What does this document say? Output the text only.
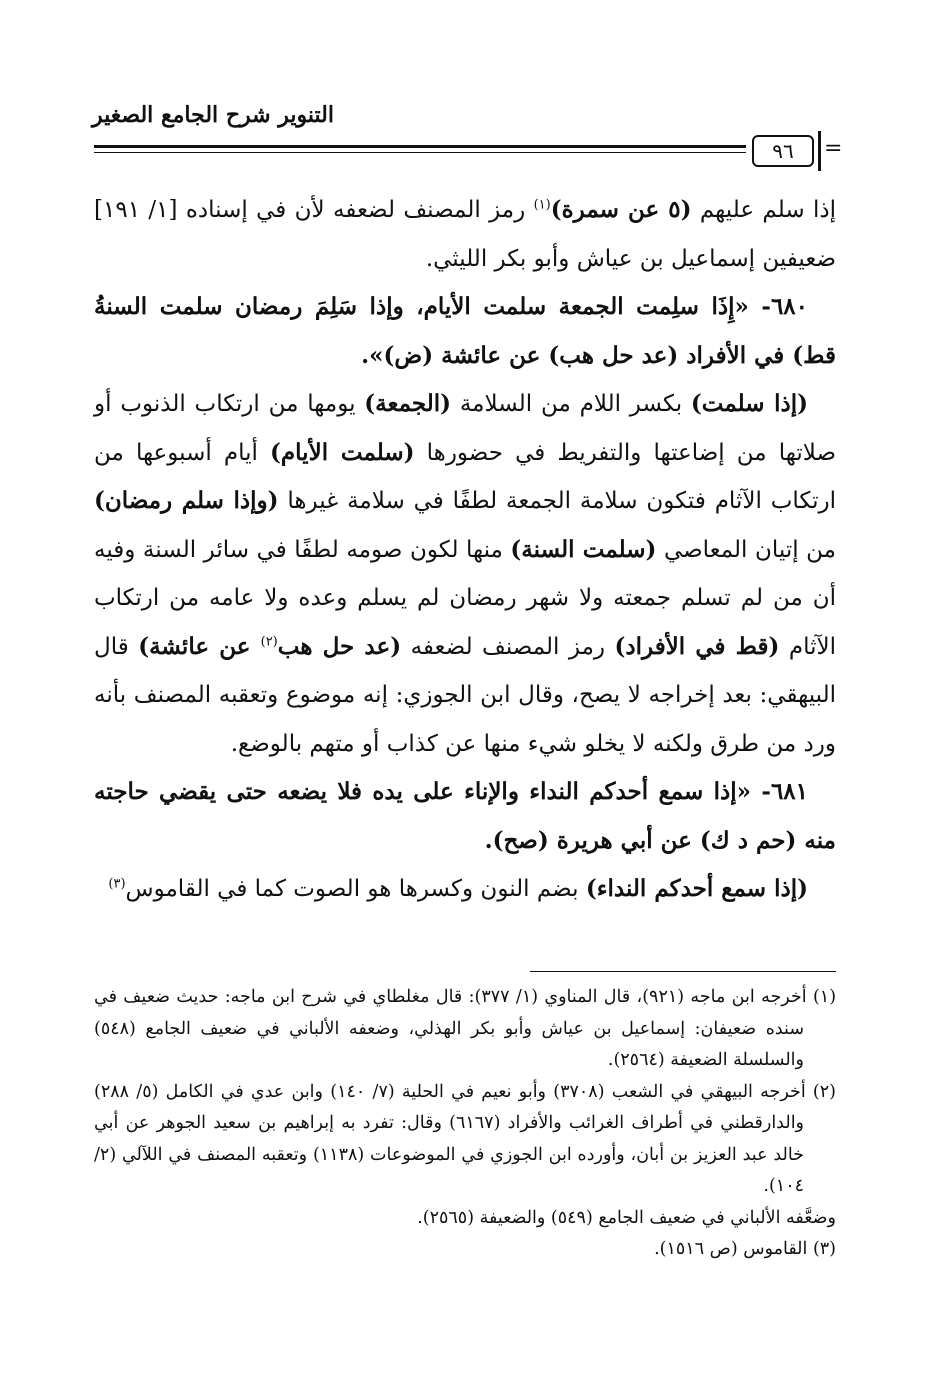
التنوير شرح الجامع الصغير
٩٦	=

إذا سلم عليهم (٥ عن سمرة)$^{(١)}$ رمز المصنف لضعفه لأن في إسناده [١/ ١٩١] ضعيفين إسماعيل بن عياش وأبو بكر الليثي.

٦٨٠- «إِذَا سلِمت الجمعة سلمت الأيام، وإذا سَلِمَ رمضان سلمت السنةُ قط) في الأفراد (عد حل هب) عن عائشة (ض)».

(إذا سلمت) بكسر اللام من السلامة (الجمعة) يومها من ارتكاب الذنوب أو صلاتها من إضاعتها والتفريط في حضورها (سلمت الأيام) أيام أسبوعها من ارتكاب الآثام فتكون سلامة الجمعة لطفًا في سلامة غيرها (وإذا سلم رمضان) من إتيان المعاصي (سلمت السنة) منها لكون صومه لطفًا في سائر السنة وفيه أن من لم تسلم جمعته ولا شهر رمضان لم يسلم وعده ولا عامه من ارتكاب الآثام (قط في الأفراد) رمز المصنف لضعفه (عد حل هب$^{(٢)}$ عن عائشة) قال البيهقي: بعد إخراجه لا يصح، وقال ابن الجوزي: إنه موضوع وتعقبه المصنف بأنه ورد من طرق ولكنه لا يخلو شيء منها عن كذاب أو متهم بالوضع.

٦٨١- «إذا سمع أحدكم النداء والإناء على يده فلا يضعه حتى يقضي حاجته منه (حم د ك) عن أبي هريرة (صح).

(إذا سمع أحدكم النداء) بضم النون وكسرها هو الصوت كما في القاموس$^{(٣)}$

(١) أخرجه ابن ماجه (٩٢١)، قال المناوي (١/ ٣٧٧): قال مغلطاي في شرح ابن ماجه: حديث ضعيف في سنده ضعيفان: إسماعيل بن عياش وأبو بكر الهذلي، وضعفه الألباني في ضعيف الجامع (٥٤٨) والسلسلة الضعيفة (٢٥٦٤).

(٢) أخرجه البيهقي في الشعب (٣٧٠٨) وأبو نعيم في الحلية (٧/ ١٤٠) وابن عدي في الكامل (٥/ ٢٨٨) والدارقطني في أطراف الغرائب والأفراد (٦١٦٧) وقال: تفرد به إبراهيم بن سعيد الجوهر عن أبي خالد عبد العزيز بن أبان، وأورده ابن الجوزي في الموضوعات (١١٣٨) وتعقبه المصنف في اللآلي (٢/ ١٠٤).

وضعَّفه الألباني في ضعيف الجامع (٥٤٩) والضعيفة (٢٥٦٥).

(٣) القاموس (ص ١٥١٦).
